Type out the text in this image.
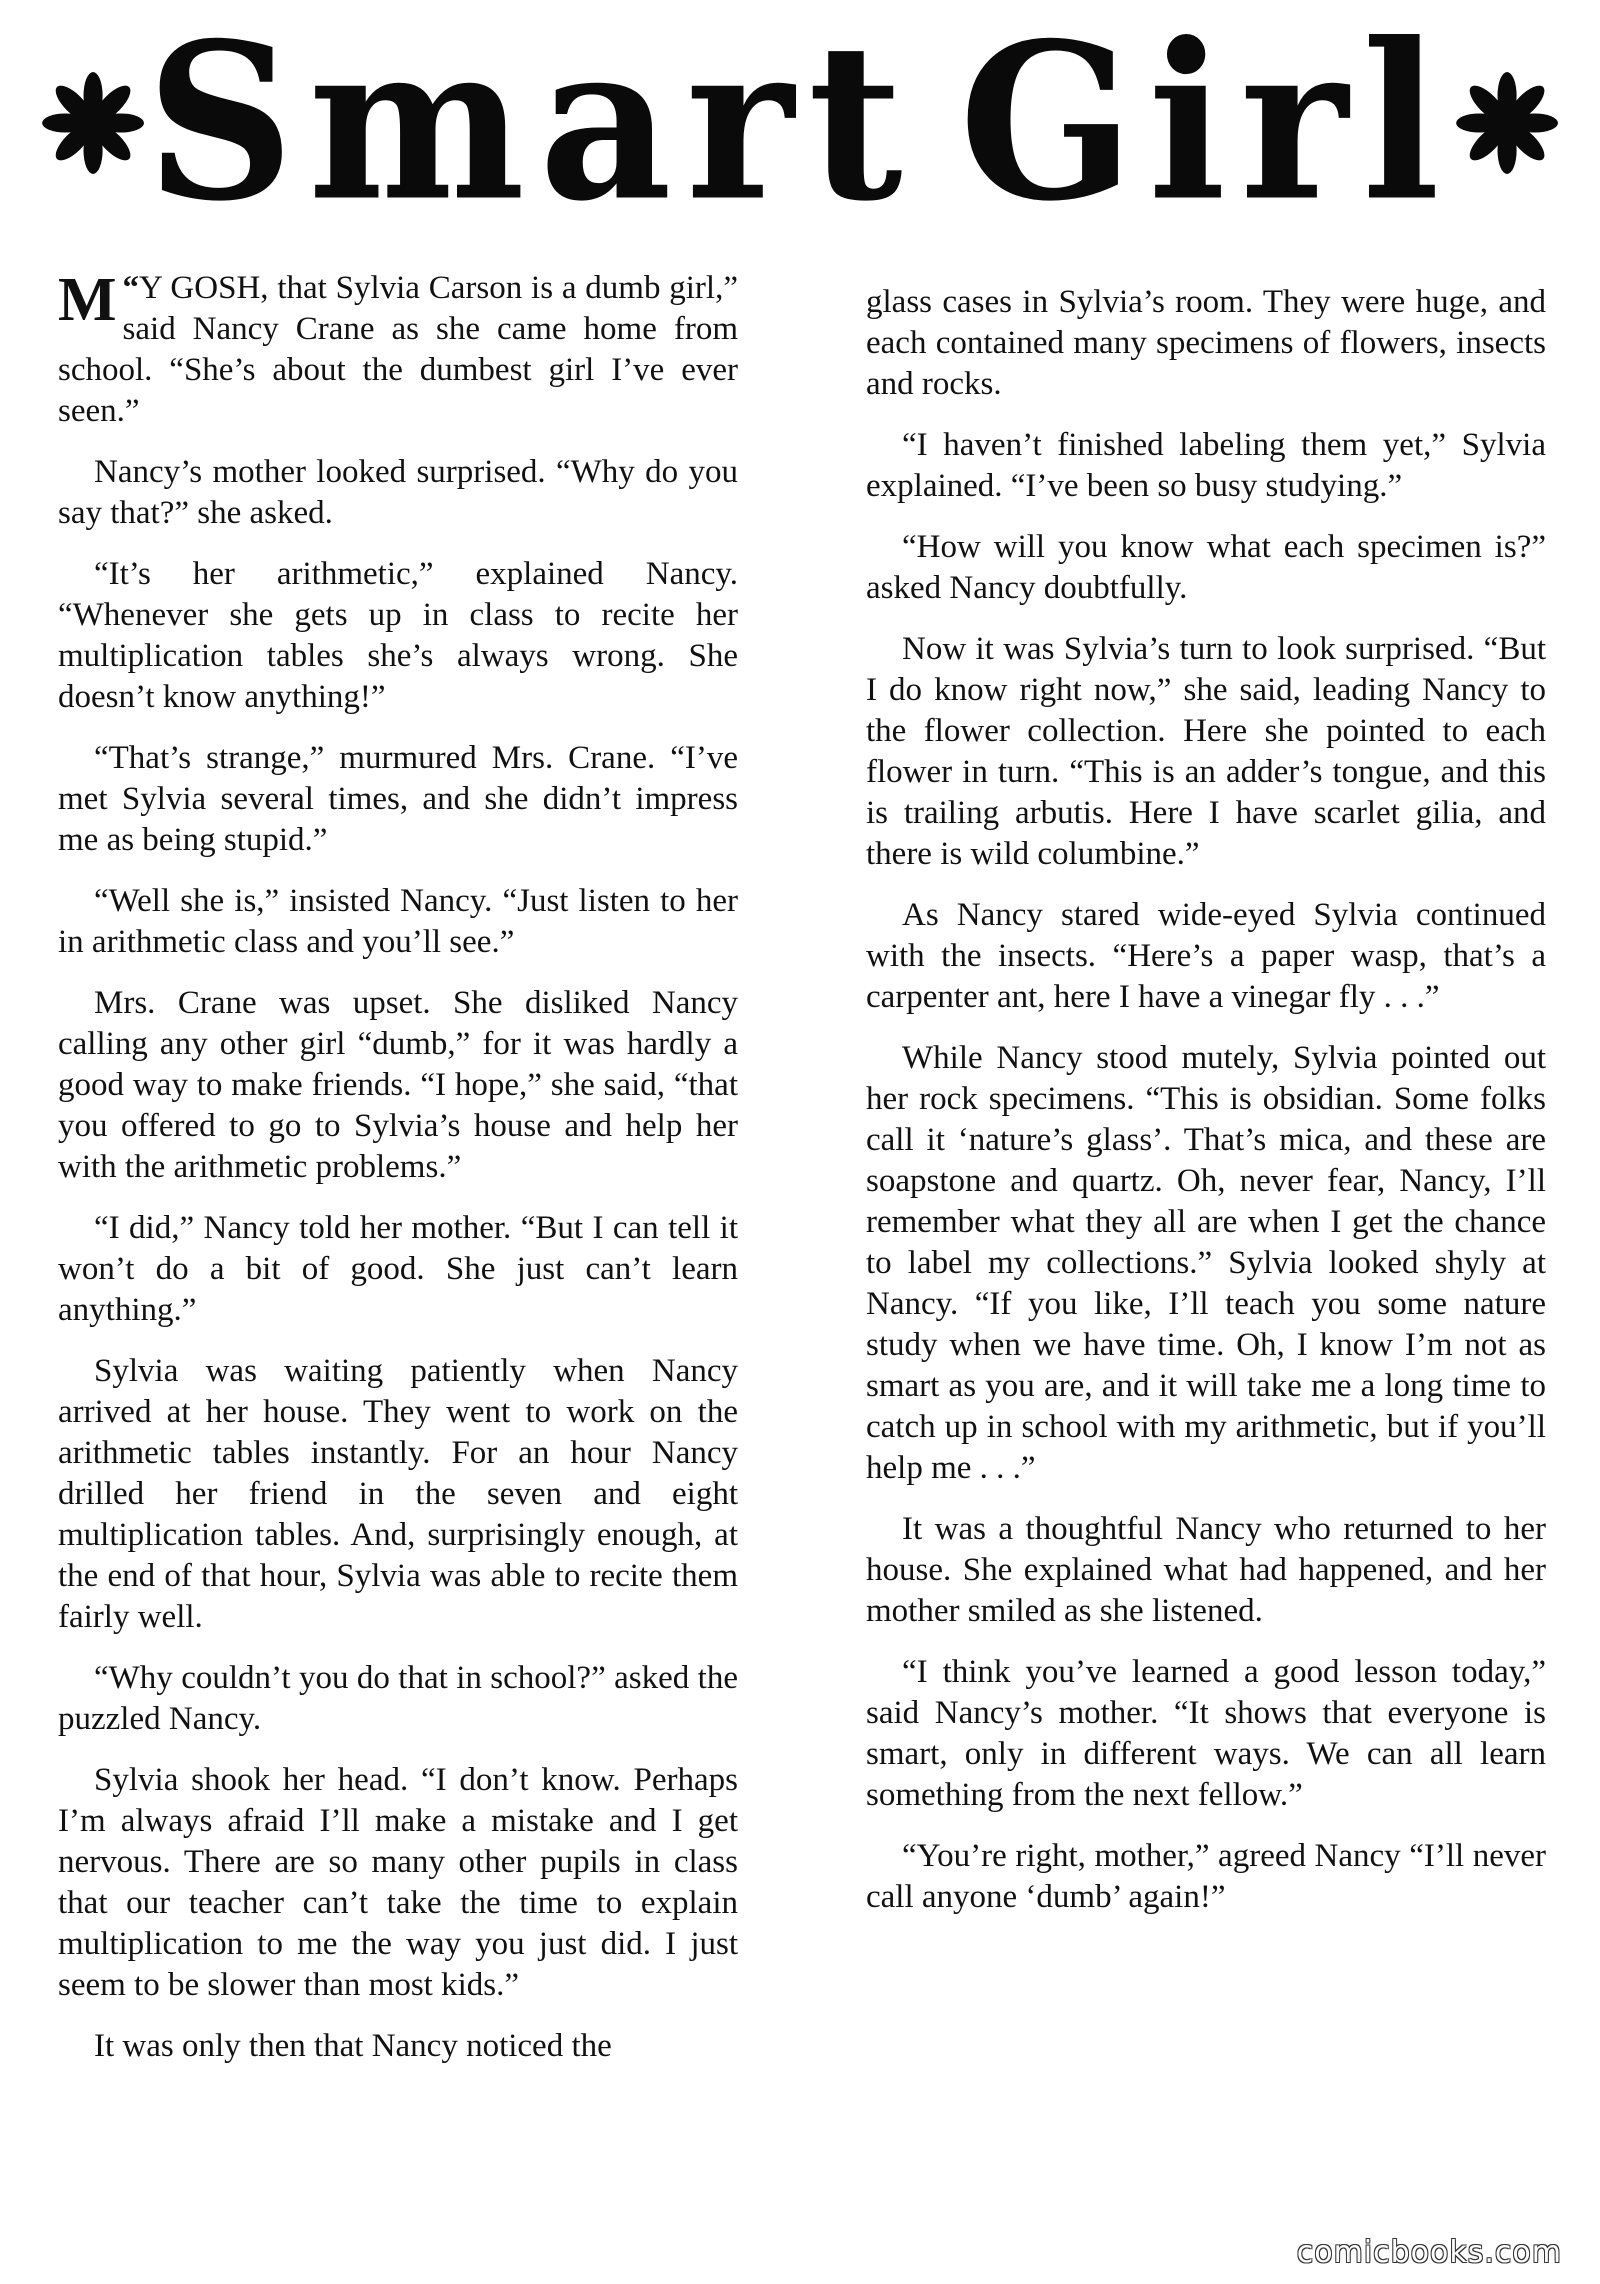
Smart Girl

“
M Y GOSH, that Sylvia Carson is a dumb girl,” said Nancy Crane as she came home from school. “She’s about the dumbest girl I’ve ever seen.”

Nancy’s mother looked surprised. “Why do you say that?” she asked.

“It’s her arithmetic,” explained Nancy. “Whenever she gets up in class to recite her multiplication tables she’s always wrong. She doesn’t know anything!”

“That’s strange,” murmured Mrs. Crane. “I’ve met Sylvia several times, and she didn’t impress me as being stupid.”

“Well she is,” insisted Nancy. “Just listen to her in arithmetic class and you’ll see.”

Mrs. Crane was upset. She disliked Nancy calling any other girl “dumb,” for it was hardly a good way to make friends. “I hope,” she said, “that you offered to go to Sylvia’s house and help her with the arithmetic problems.”

“I did,” Nancy told her mother. “But I can tell it won’t do a bit of good. She just can’t learn anything.”

Sylvia was waiting patiently when Nancy arrived at her house. They went to work on the arithmetic tables instantly. For an hour Nancy drilled her friend in the seven and eight multiplication tables. And, surprisingly enough, at the end of that hour, Sylvia was able to recite them fairly well.

“Why couldn’t you do that in school?” asked the puzzled Nancy.

Sylvia shook her head. “I don’t know. Perhaps I’m always afraid I’ll make a mistake and I get nervous. There are so many other pupils in class that our teacher can’t take the time to explain multiplication to me the way you just did. I just seem to be slower than most kids.”

It was only then that Nancy noticed the

glass cases in Sylvia’s room. They were huge, and each contained many specimens of flowers, insects and rocks.

“I haven’t finished labeling them yet,” Sylvia explained. “I’ve been so busy studying.”

“How will you know what each specimen is?” asked Nancy doubtfully.

Now it was Sylvia’s turn to look surprised. “But I do know right now,” she said, leading Nancy to the flower collection. Here she pointed to each flower in turn. “This is an adder’s tongue, and this is trailing arbutis. Here I have scarlet gilia, and there is wild columbine.”

As Nancy stared wide-eyed Sylvia continued with the insects. “Here’s a paper wasp, that’s a carpenter ant, here I have a vinegar fly . . .”

While Nancy stood mutely, Sylvia pointed out her rock specimens. “This is obsidian. Some folks call it ‘nature’s glass’. That’s mica, and these are soapstone and quartz. Oh, never fear, Nancy, I’ll remember what they all are when I get the chance to label my collections.” Sylvia looked shyly at Nancy. “If you like, I’ll teach you some nature study when we have time. Oh, I know I’m not as smart as you are, and it will take me a long time to catch up in school with my arithmetic, but if you’ll help me . . .”

It was a thoughtful Nancy who returned to her house. She explained what had happened, and her mother smiled as she listened.

“I think you’ve learned a good lesson today,” said Nancy’s mother. “It shows that everyone is smart, only in different ways. We can all learn something from the next fellow.”

“You’re right, mother,” agreed Nancy “I’ll never call anyone ‘dumb’ again!”

comicbooks.com
